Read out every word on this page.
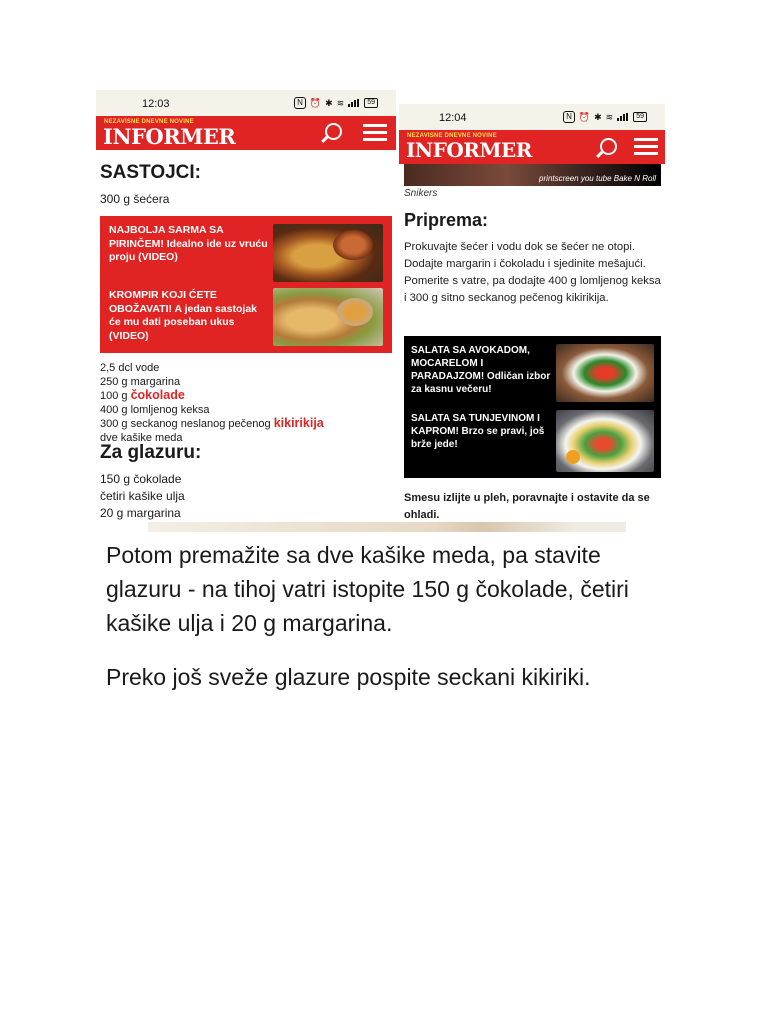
12:03	N ⏰ ✱ ≋	59
NEZAVISNE DNEVNE NOVINE
INFORMER
SASTOJCI:
300 g šećera
NAJBOLJA SARMA SA PIRINČEM! Idealno ide uz vruću proju (VIDEO)
KROMPIR KOJI ĆETE OBOŽAVATI! A jedan sastojak će mu dati poseban ukus (VIDEO)
2,5 dcl vode
250 g margarina
100 g čokolade
400 g lomljenog keksa
300 g seckanog neslanog pečenog kikirikija
dve kašike meda
Za glazuru:
150 g čokolade
četiri kašike ulja
20 g margarina
12:04	N ⏰ ✱ ≋	59
NEZAVISNE DNEVNE NOVINE
INFORMER
printscreen you tube Bake N Roll
Snikers
Priprema:
Prokuvajte šećer i vodu dok se šećer ne otopi. Dodajte margarin i čokoladu i sjedinite mešajući. Pomerite s vatre, pa dodajte 400 g lomljenog keksa i 300 g sitno seckanog pečenog kikirikija.
SALATA SA AVOKADOM, MOCARELOM I PARADAJZOM! Odličan izbor za kasnu večeru!
SALATA SA TUNJEVINOM I KAPROM! Brzo se pravi, još brže jede!
Smesu izlijte u pleh, poravnajte i ostavite da se ohladi.

Potom premažite sa dve kašike meda, pa stavite glazuru - na tihoj vatri istopite 150 g čokolade, četiri kašike ulja i 20 g margarina.

Preko još sveže glazure pospite seckani kikiriki.
